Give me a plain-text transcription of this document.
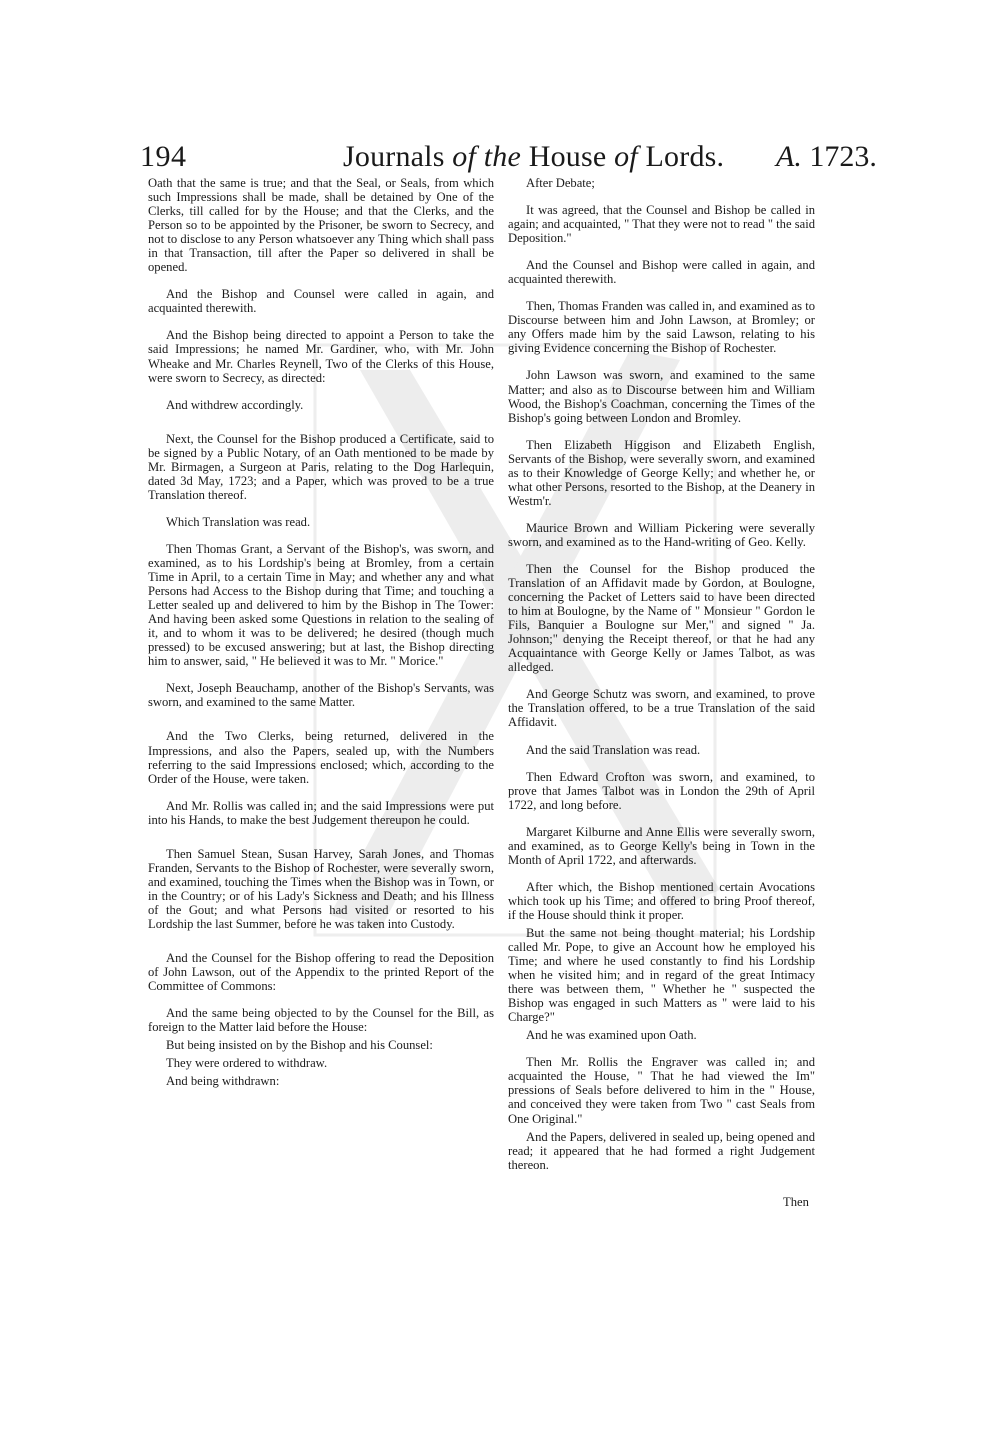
194	Journals of the House of Lords. A. 1723.

Oath that the same is true; and that the Seal, or Seals, from which such Impressions shall be made, shall be detained by One of the Clerks, till called for by the House; and that the Clerks, and the Person so to be appointed by the Prisoner, be sworn to Secrecy, and not to disclose to any Person whatsoever any Thing which shall pass in that Transaction, till after the Paper so delivered in shall be opened.

And the Bishop and Counsel were called in again, and acquainted therewith.

And the Bishop being directed to appoint a Person to take the said Impressions; he named Mr. Gardiner, who, with Mr. John Wheake and Mr. Charles Reynell, Two of the Clerks of this House, were sworn to Secrecy, as directed:

And withdrew accordingly.

Next, the Counsel for the Bishop produced a Certificate, said to be signed by a Public Notary, of an Oath mentioned to be made by Mr. Birmagen, a Surgeon at Paris, relating to the Dog Harlequin, dated 3d May, 1723; and a Paper, which was proved to be a true Translation thereof.

Which Translation was read.

Then Thomas Grant, a Servant of the Bishop's, was sworn, and examined, as to his Lordship's being at Bromley, from a certain Time in April, to a certain Time in May; and whether any and what Persons had Access to the Bishop during that Time; and touching a Letter sealed up and delivered to him by the Bishop in The Tower: And having been asked some Questions in relation to the sealing of it, and to whom it was to be delivered; he desired (though much pressed) to be excused answering; but at last, the Bishop directing him to answer, said, " He believed it was to Mr. " Morice."

Next, Joseph Beauchamp, another of the Bishop's Servants, was sworn, and examined to the same Matter.

And the Two Clerks, being returned, delivered in the Impressions, and also the Papers, sealed up, with the Numbers referring to the said Impressions enclosed; which, according to the Order of the House, were taken.

And Mr. Rollis was called in; and the said Impressions were put into his Hands, to make the best Judgement thereupon he could.

Then Samuel Stean, Susan Harvey, Sarah Jones, and Thomas Franden, Servants to the Bishop of Rochester, were severally sworn, and examined, touching the Times when the Bishop was in Town, or in the Country; or of his Lady's Sickness and Death; and his Illness of the Gout; and what Persons had visited or resorted to his Lordship the last Summer, before he was taken into Custody.

And the Counsel for the Bishop offering to read the Deposition of John Lawson, out of the Appendix to the printed Report of the Committee of Commons:

And the same being objected to by the Counsel for the Bill, as foreign to the Matter laid before the House:

But being insisted on by the Bishop and his Counsel:

They were ordered to withdraw.

And being withdrawn:

After Debate;

It was agreed, that the Counsel and Bishop be called in again; and acquainted, " That they were not to read " the said Deposition."

And the Counsel and Bishop were called in again, and acquainted therewith.

Then, Thomas Franden was called in, and examined as to Discourse between him and John Lawson, at Bromley; or any Offers made him by the said Lawson, relating to his giving Evidence concerning the Bishop of Rochester.

John Lawson was sworn, and examined to the same Matter; and also as to Discourse between him and William Wood, the Bishop's Coachman, concerning the Times of the Bishop's going between London and Bromley.

Then Elizabeth Higgison and Elizabeth English, Servants of the Bishop, were severally sworn, and examined as to their Knowledge of George Kelly; and whether he, or what other Persons, resorted to the Bishop, at the Deanery in Westm'r.

Maurice Brown and William Pickering were severally sworn, and examined as to the Hand-writing of Geo. Kelly.

Then the Counsel for the Bishop produced the Translation of an Affidavit made by Gordon, at Boulogne, concerning the Packet of Letters said to have been directed to him at Boulogne, by the Name of " Monsieur " Gordon le Fils, Banquier a Boulogne sur Mer," and signed " Ja. Johnson;" denying the Receipt thereof, or that he had any Acquaintance with George Kelly or James Talbot, as was alledged.

And George Schutz was sworn, and examined, to prove the Translation offered, to be a true Translation of the said Affidavit.

And the said Translation was read.

Then Edward Crofton was sworn, and examined, to prove that James Talbot was in London the 29th of April 1722, and long before.

Margaret Kilburne and Anne Ellis were severally sworn, and examined, as to George Kelly's being in Town in the Month of April 1722, and afterwards.

After which, the Bishop mentioned certain Avocations which took up his Time; and offered to bring Proof thereof, if the House should think it proper.

But the same not being thought material; his Lordship called Mr. Pope, to give an Account how he employed his Time; and where he used constantly to find his Lordship when he visited him; and in regard of the great Intimacy there was between them, " Whether he " suspected the Bishop was engaged in such Matters as " were laid to his Charge?"

And he was examined upon Oath.

Then Mr. Rollis the Engraver was called in; and acquainted the House, " That he had viewed the Im" pressions of Seals before delivered to him in the " House, and conceived they were taken from Two " cast Seals from One Original."

And the Papers, delivered in sealed up, being opened and read; it appeared that he had formed a right Judgement thereon.

Then
